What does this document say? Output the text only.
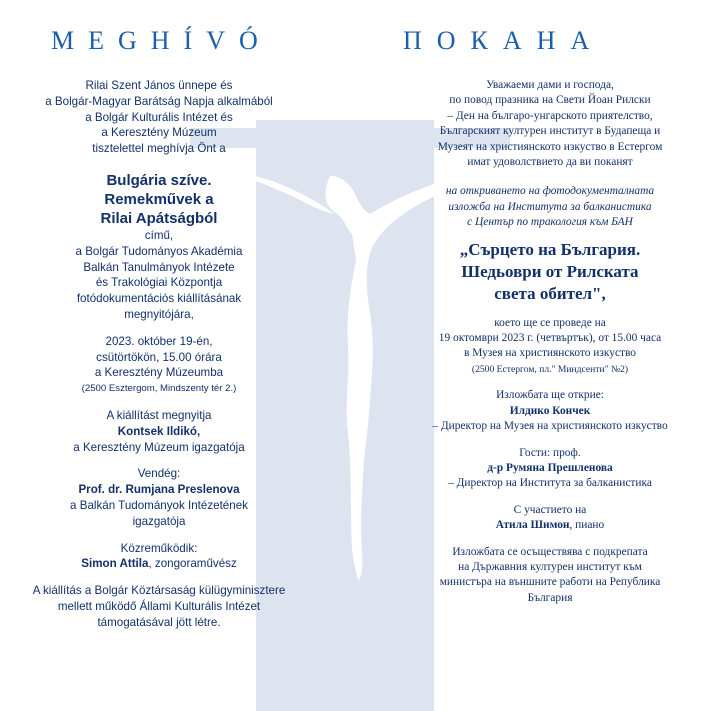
MEGHÍVÓ	ПОКАНА
Rilai Szent János ünnepe és
a Bolgár-Magyar Barátság Napja alkalmából
a Bolgár Kulturális Intézet és
a Keresztény Múzeum
tisztelettel meghívja Önt a
Bulgária szíve.
Remekművek a
Rilai Apátságból
című,
a Bolgár Tudományos Akadémia
Balkán Tanulmányok Intézete
és Trakológiai Központja
fotódokumentációs kiállításának
megnyitójára,
2023. október 19-én,
csütörtökön, 15.00 órára
a Keresztény Múzeumba
(2500 Esztergom, Mindszenty tér 2.)
A kiállítást megnyitja
Kontsek Ildikó,
a Keresztény Múzeum igazgatója
Vendég:
Prof. dr. Rumjana Preslenova
a Balkán Tudományok Intézetének
igazgatója
Közreműködik:
Simon Attila, zongoraművész
A kiállítás a Bolgár Köztársaság külügyminisztere
mellett működő Állami Kulturális Intézet
támogatásával jött létre.
Уважаеми дами и господа,
по повод празника на Свети Йоан Рилски
– Ден на българо-унгарското приятелство,
Българският културен институт в Будапеща и
Музеят на християнското изкуство в Естергом
имат удоволствието да ви поканят
на откриването на фотодокументалната
изложба на Института за балканистика
с Център по тракология към БАН
„Сърцето на България.
Шедьоври от Рилската
света обител",
което ще се проведе на
19 октомври 2023 г. (четвъртък), от 15.00 часа
в Музея на християнското изкуство
(2500 Естергом, пл." Миндсенти" №2)
Изложбата ще открие:
Илдико Кончек
– Директор на Музея на християнското изкуство
Гости: проф.
д-р Румяна Прешленова
– Директор на Института за балканистика
С участието на
Атила Шимон, пиано
Изложбата се осъществява с подкрепата
на Държавния културен институт към
министъра на външните работи на Република
България
